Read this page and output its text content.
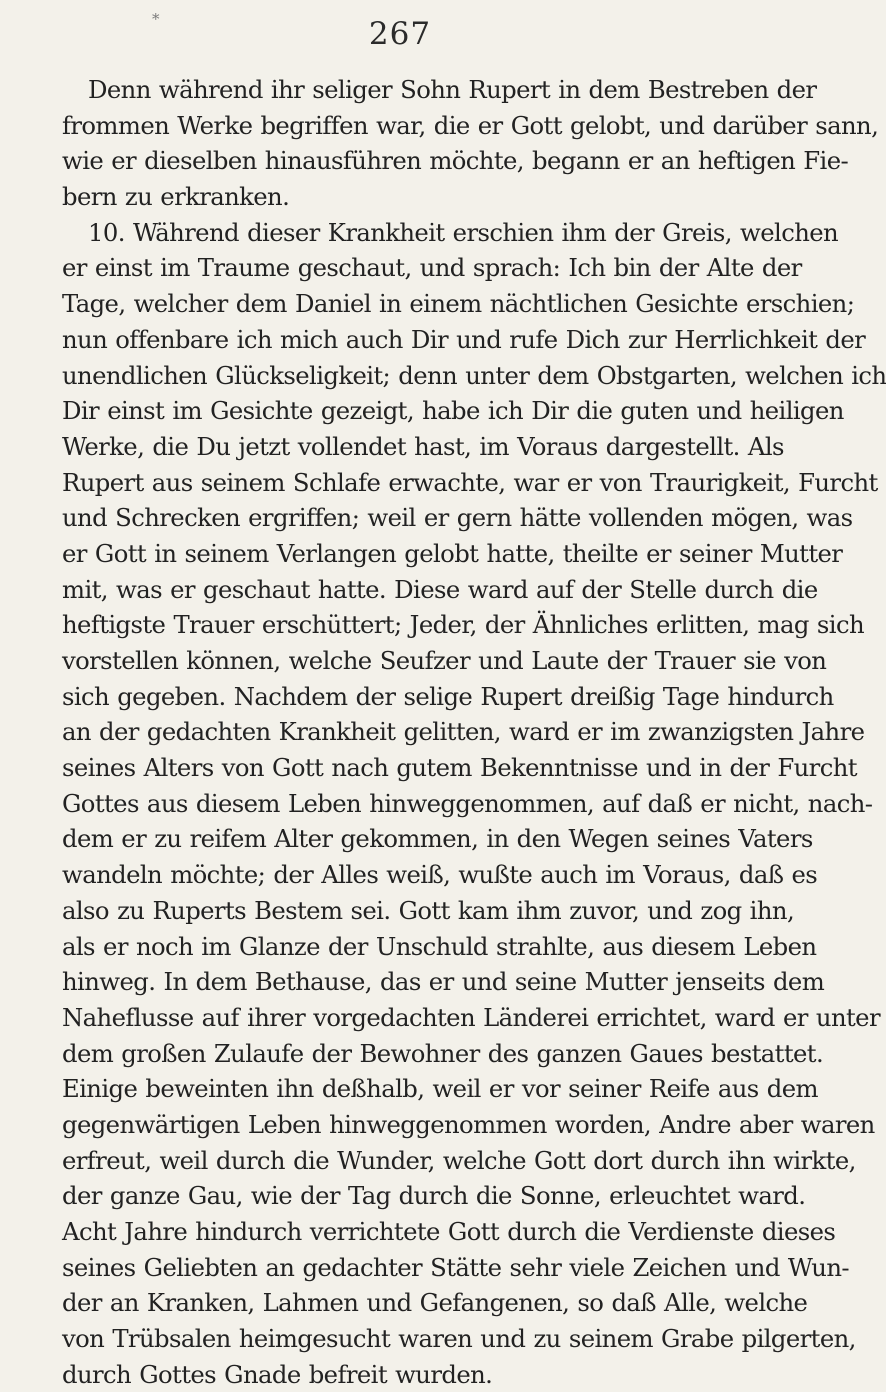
*	267
Denn während ihr seliger Sohn Rupert in dem Bestreben der
frommen Werke begriffen war, die er Gott gelobt, und darüber sann,
wie er dieselben hinausführen möchte, begann er an heftigen Fie-
bern zu erkranken.
10. Während dieser Krankheit erschien ihm der Greis, welchen
er einst im Traume geschaut, und sprach: Ich bin der Alte der
Tage, welcher dem Daniel in einem nächtlichen Gesichte erschien;
nun offenbare ich mich auch Dir und rufe Dich zur Herrlichkeit der
unendlichen Glückseligkeit; denn unter dem Obstgarten, welchen ich
Dir einst im Gesichte gezeigt, habe ich Dir die guten und heiligen
Werke, die Du jetzt vollendet hast, im Voraus dargestellt. Als
Rupert aus seinem Schlafe erwachte, war er von Traurigkeit, Furcht
und Schrecken ergriffen; weil er gern hätte vollenden mögen, was
er Gott in seinem Verlangen gelobt hatte, theilte er seiner Mutter
mit, was er geschaut hatte. Diese ward auf der Stelle durch die
heftigste Trauer erschüttert; Jeder, der Ähnliches erlitten, mag sich
vorstellen können, welche Seufzer und Laute der Trauer sie von
sich gegeben. Nachdem der selige Rupert dreißig Tage hindurch
an der gedachten Krankheit gelitten, ward er im zwanzigsten Jahre
seines Alters von Gott nach gutem Bekenntnisse und in der Furcht
Gottes aus diesem Leben hinweggenommen, auf daß er nicht, nach-
dem er zu reifem Alter gekommen, in den Wegen seines Vaters
wandeln möchte; der Alles weiß, wußte auch im Voraus, daß es
also zu Ruperts Bestem sei. Gott kam ihm zuvor, und zog ihn,
als er noch im Glanze der Unschuld strahlte, aus diesem Leben
hinweg. In dem Bethause, das er und seine Mutter jenseits dem
Naheflusse auf ihrer vorgedachten Länderei errichtet, ward er unter
dem großen Zulaufe der Bewohner des ganzen Gaues bestattet.
Einige beweinten ihn deßhalb, weil er vor seiner Reife aus dem
gegenwärtigen Leben hinweggenommen worden, Andre aber waren
erfreut, weil durch die Wunder, welche Gott dort durch ihn wirkte,
der ganze Gau, wie der Tag durch die Sonne, erleuchtet ward.
Acht Jahre hindurch verrichtete Gott durch die Verdienste dieses
seines Geliebten an gedachter Stätte sehr viele Zeichen und Wun-
der an Kranken, Lahmen und Gefangenen, so daß Alle, welche
von Trübsalen heimgesucht waren und zu seinem Grabe pilgerten,
durch Gottes Gnade befreit wurden.
